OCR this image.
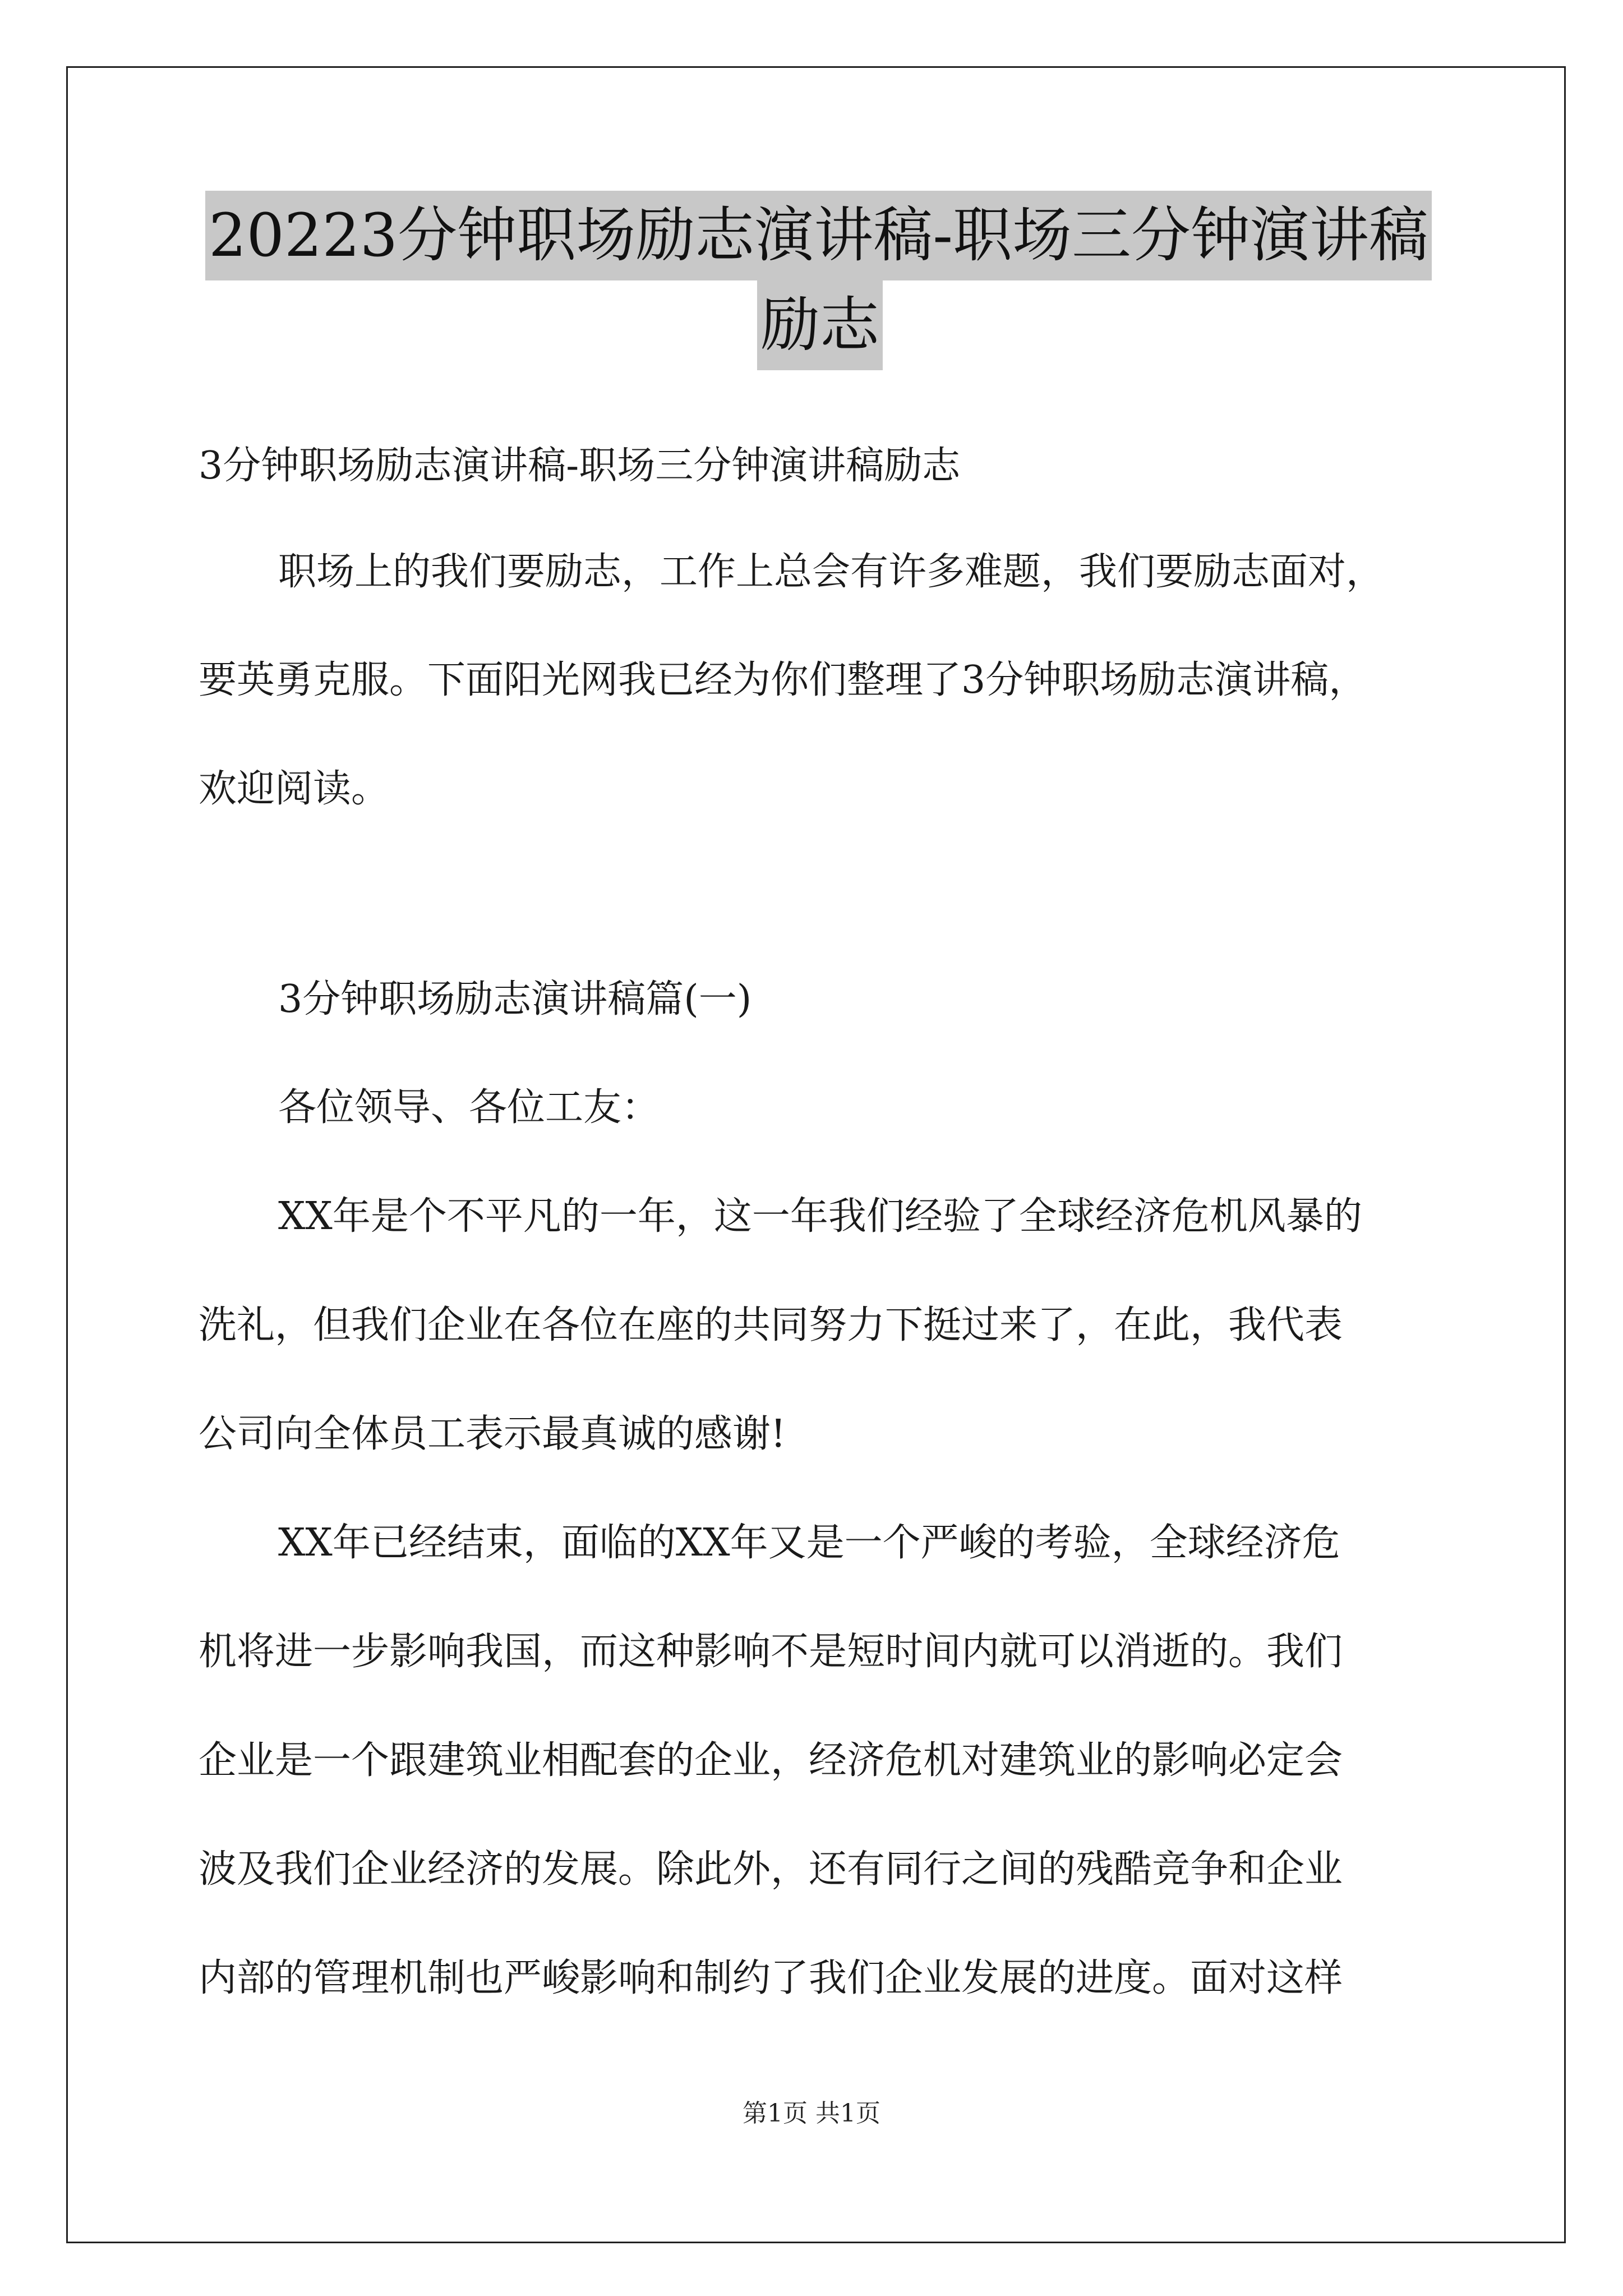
20223分钟职场励志演讲稿-职场三分钟演讲稿
励志
3分钟职场励志演讲稿-职场三分钟演讲稿励志
职场上的我们要励志，工作上总会有许多难题，我们要励志面对，
要英勇克服。下面阳光网我已经为你们整理了3分钟职场励志演讲稿，
欢迎阅读。
3分钟职场励志演讲稿篇(一)
各位领导、各位工友：
XX年是个不平凡的一年，这一年我们经验了全球经济危机风暴的
洗礼，但我们企业在各位在座的共同努力下挺过来了，在此，我代表
公司向全体员工表示最真诚的感谢!
XX年已经结束，面临的XX年又是一个严峻的考验，全球经济危
机将进一步影响我国，而这种影响不是短时间内就可以消逝的。我们
企业是一个跟建筑业相配套的企业，经济危机对建筑业的影响必定会
波及我们企业经济的发展。除此外，还有同行之间的残酷竞争和企业
内部的管理机制也严峻影响和制约了我们企业发展的进度。面对这样
第1页 共1页
